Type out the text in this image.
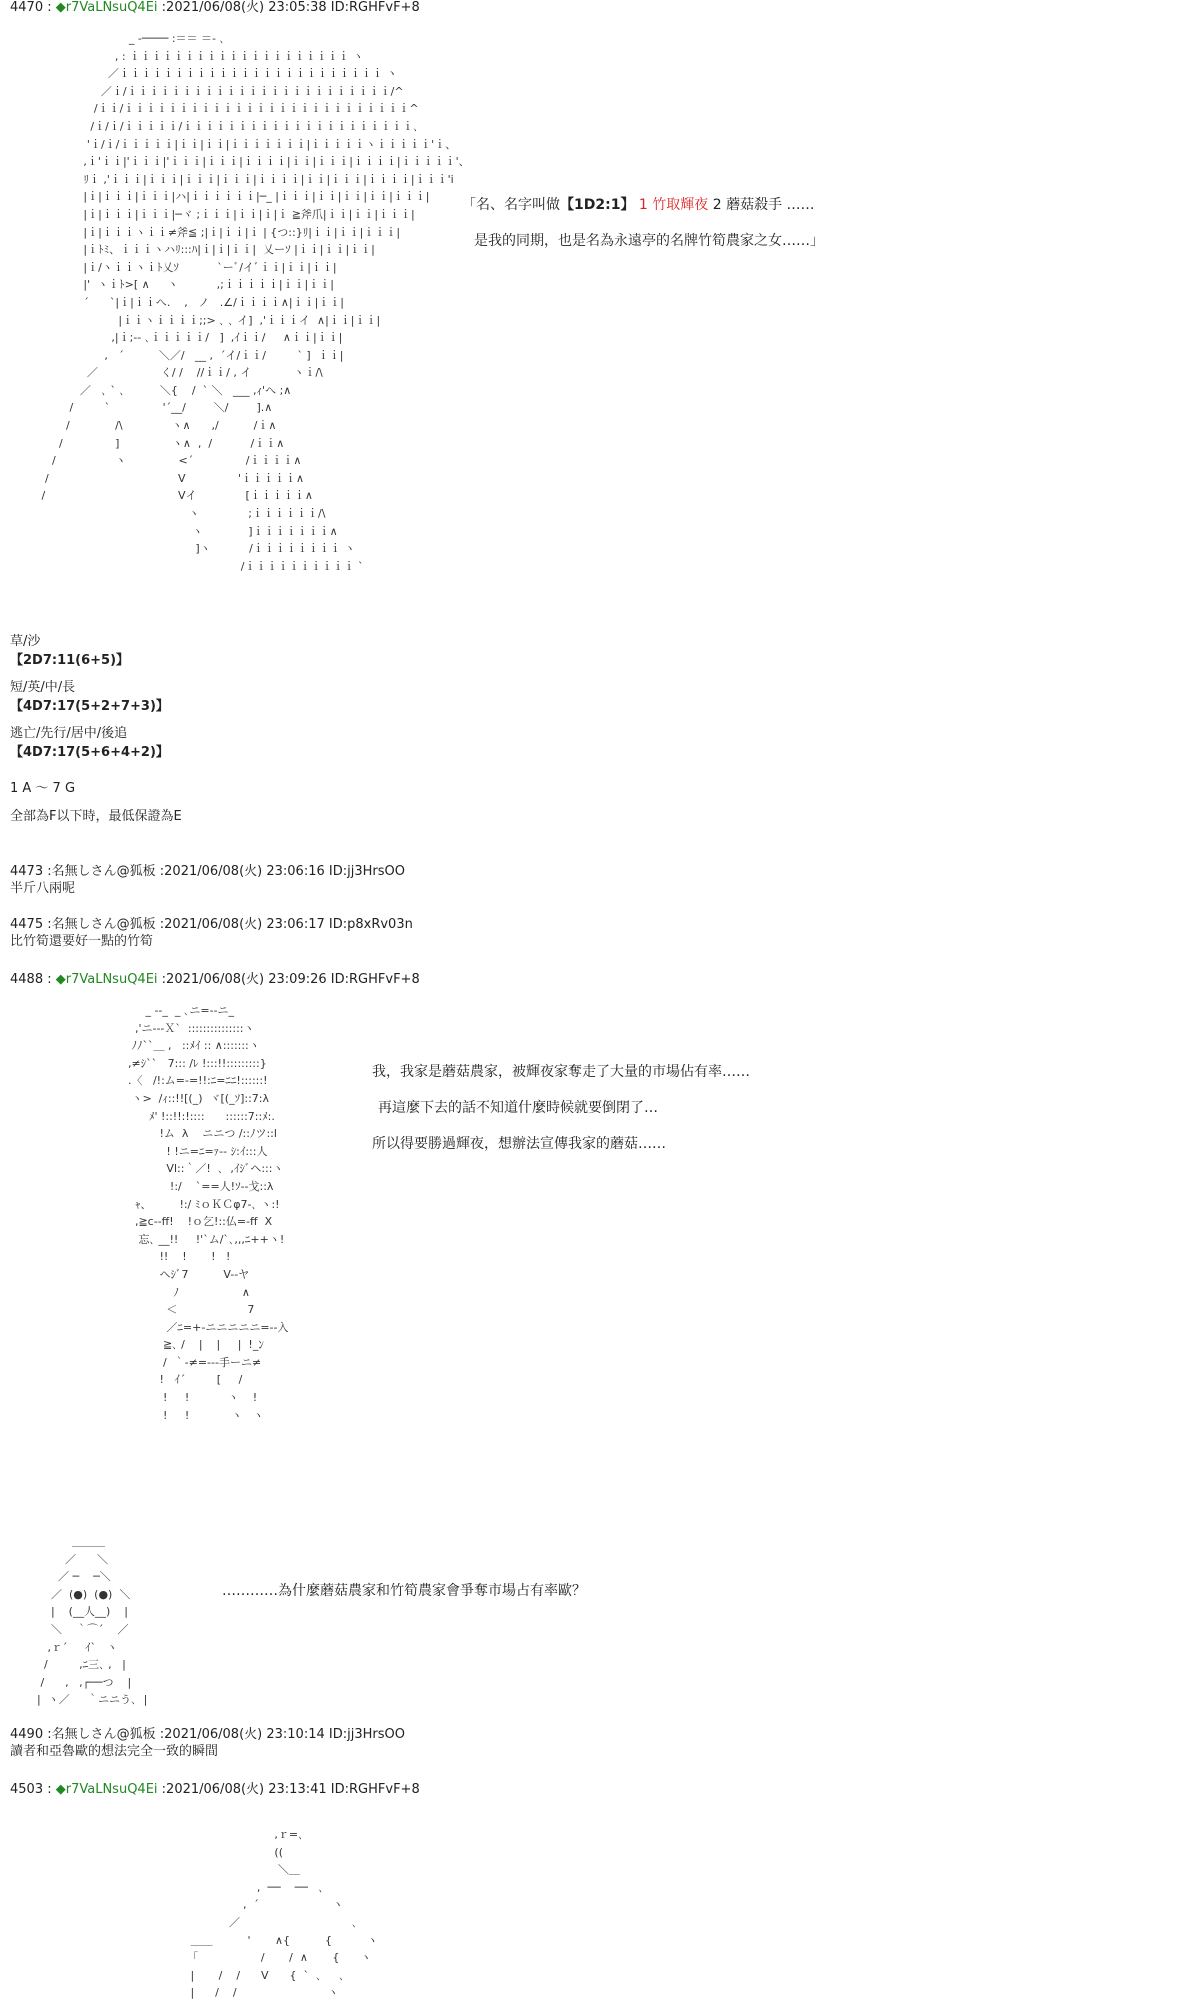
4470 : ◆r7VaLNsuQ4Ei :2021/06/08(火) 23:05:38 ID:RGHFvF+8
_ -──── :＝＝ ＝- ､
, : ｉｉｉｉｉｉｉｉｉｉｉｉｉｉｉｉｉｉｉｉ ヽ
／ｉｉｉｉｉｉｉｉｉｉｉｉｉｉｉｉｉｉｉｉｉｉｉｉ ヽ
／ｉ/ｉｉｉｉｉｉｉｉｉｉｉｉｉｉｉｉｉｉｉｉｉｉｉｉ/^
/ｉｉ/ｉｉｉｉｉｉｉｉｉｉｉｉｉｉｉｉｉｉｉｉｉｉｉｉｉｉ^
/ｉ/ｉ/ｉｉｉｉｉ/ｉｉｉｉｉｉｉｉｉｉｉｉｉｉｉｉｉｉｉｉｉ､
'ｉ/ｉ/ｉｉｉｉｉ|ｉｉ|ｉｉ|ｉｉｉｉｉｉｉ|ｉｉｉｉｉヽｉｉｉｉｉ'ｉ、
,ｉ'ｉｉ|'ｉｉｉ|'ｉｉｉ|ｉｉｉ|ｉｉｉｉ|ｉｉ|ｉｉｉ|ｉｉｉｉ|ｉｉｉｉｉ'、
ﾘｉ ,'ｉｉｉ|ｉｉｉ|ｉｉｉ|ｉｉｉ|ｉｉｉｉ|ｉｉ|ｉｉｉ|ｉｉｉｉ|ｉｉｉ'i
|ｉ|ｉｉｉ|ｉｉｉ|ハ|ｉｉｉｉｉｉ|─_ |ｉｉｉ|ｉｉ|ｉｉ|ｉｉ|ｉｉｉ|
|ｉ|ｉｉｉ|ｉｉｉ|─ヾ ;ｉｉｉ|ｉｉ|ｉ|ｉ ≧斧爪|ｉｉ|ｉｉ|ｉｉｉ|
|ｉ|ｉｉｉヽｉｉ≠斧≦ ;|ｉ|ｉｉ|ｉ | {つ::}ﾘ|ｉｉ|ｉｉ|ｉｉｉ|
|ｉﾄﾐ、ｉｉｉヽハﾘ:::ﾊ|ｉ|ｉ|ｉｉ|  乂ーｿ |ｉｉ|ｉｉ|ｉｉ|
|ｉ/ヽｉｉヽｉﾄ乂ｿ           `ーﾞ/イﾞｉｉ|ｉｉ|ｉｉ|
|'  ヽｉﾄ>[ ∧     ヽ           ,;ｉｉｉｉｉ|ｉｉ|ｉｉ|
´      `|ｉ|ｉｉへ.    ,   ノ   .∠/ｉｉｉｉ∧|ｉｉ|ｉｉ|
|ｉｉヽｉｉｉｉ;;> ､ ､ イ]  ,'ｉｉｉイ  ∧|ｉｉ|ｉｉ|
,|ｉ;-- ､ｉｉｉｉｉ/   ]  ,ｲｉｉ/     ∧ｉｉ|ｉｉ|
,   ´          ＼／/   __ ,  ´イ/ｉｉ/         ` ]  ｉｉ|
／                  く/ /    //ｉｉ/ , イ            ヽｉ/\
／   ､ ` ､          ＼{    /  ` ＼   ___ ,ｨ'へ ;∧
/         `               '´__/        ＼/        ].∧
/             /\              ヽ∧      ,/          /ｉ∧
/               ]               ヽ∧  ,  /           /ｉｉ∧
/                 ヽ               <´               /ｉｉｉｉ∧
/                                     V               'ｉｉｉｉｉ∧
/                                      Vイ              [ｉｉｉｉｉ∧
ヽ              ;ｉｉｉｉｉｉ/\
ヽ             ]ｉｉｉｉｉｉｉ∧
]ヽ           /ｉｉｉｉｉｉｉｉ ヽ
/ｉｉｉｉｉｉｉｉｉｉ `
「名、名字叫做【1D2:1】 1 竹取輝夜 2 蘑菇殺手 ……
是我的同期，也是名為永遠亭的名牌竹筍農家之女……」
草/沙
【2D7:11(6+5)】
短/英/中/長
【4D7:17(5+2+7+3)】
逃亡/先行/居中/後追
【4D7:17(5+6+4+2)】
1 A ～ 7 G
全部為F以下時，最低保證為E
4473 :名無しさん@狐板 :2021/06/08(火) 23:06:16 ID:jj3HrsOO
半斤八兩呢
4475 :名無しさん@狐板 :2021/06/08(火) 23:06:17 ID:p8xRv03n
比竹筍還要好一點的竹筍
4488 : ◆r7VaLNsuQ4Ei :2021/06/08(火) 23:09:26 ID:RGHFvF+8
_ -‐_  _ ､ニ=--ニ_
,'ニ-‐‐Ｘ`  :::::::::::::::ヽ
ﾉﾉ``＿ ,   ::ﾒｲ :: ∧:::::::ヽ
,≠ｼ``   7::: /ﾚ !:::!!:::::::::}
.〈   /!:ム=-=!!:ﾆ=ﾆﾆ!::::::!
ヽ>  /ｨ::!![(_)  ヾ[(_ｿ]::7:λ
ﾒ' !::!!:!::::      ::::::7::ﾒ:.
!ム  λ    ニニつ /::ﾉツ::l
! !ニ=ﾆ=ｧ-- ｼ:ｲ:::人
Vl::｀／!  ､  ,ｲｼﾞヘ:::ヽ
!:/    `==人!ｿ-‐戈::λ
ｬ、        !:/ ﾐｏＫＣφ7-､ ヽ:!
,≧c‐-ff!    !ｏ乞!::仏=-ff  X
忘､ __!!     !'`ム/`､,,,ﾆ++ヽ!
!!    !       !   !
ヘｼﾞ7          V-‐ヤ
ﾉ                  ∧
＜                    7
／ﾆ=+-ニニニニニ=--入
≧､ /    |    |     |  !_ﾝ
/  ｀‐≠=--‐手ーニ≠
!   ｲ´         [     /
!     !           ヽ    !
!     !            ヽ   ヽ
我，我家是蘑菇農家，被輝夜家奪走了大量的市場佔有率……
再這麼下去的話不知道什麼時候就要倒閉了…
所以得要勝過輝夜，想辦法宣傳我家的蘑菇……
＿＿＿
／      ＼
／ ─    ─＼
／  (●)  (●)  ＼
|    (__人__)    |
＼    ｀⌒´    ／
,ｒ´     ｲ`   ヽ
/         ,ﾆ三､ ,   |
/      ,   ,┌──つ    |
|  ヽ／     ｀ニニう､  |
…………為什麼蘑菇農家和竹筍農家會爭奪市場占有率歐？
4490 :名無しさん@狐板 :2021/06/08(火) 23:10:14 ID:jj3HrsOO
讀者和亞魯歐的想法完全一致的瞬間
4503 : ◆r7VaLNsuQ4Ei :2021/06/08(火) 23:13:41 ID:RGHFvF+8
,ｒ=､
((
＼＿
,  ──    ──   ､
,  ´                     ヽ
／                                ､
＿＿          '       ∧{          {          ヽ
「                  /       /  ∧       {      ヽ
|       /    /      V      {  `  ､     ､
|      /    /                          ヽ
